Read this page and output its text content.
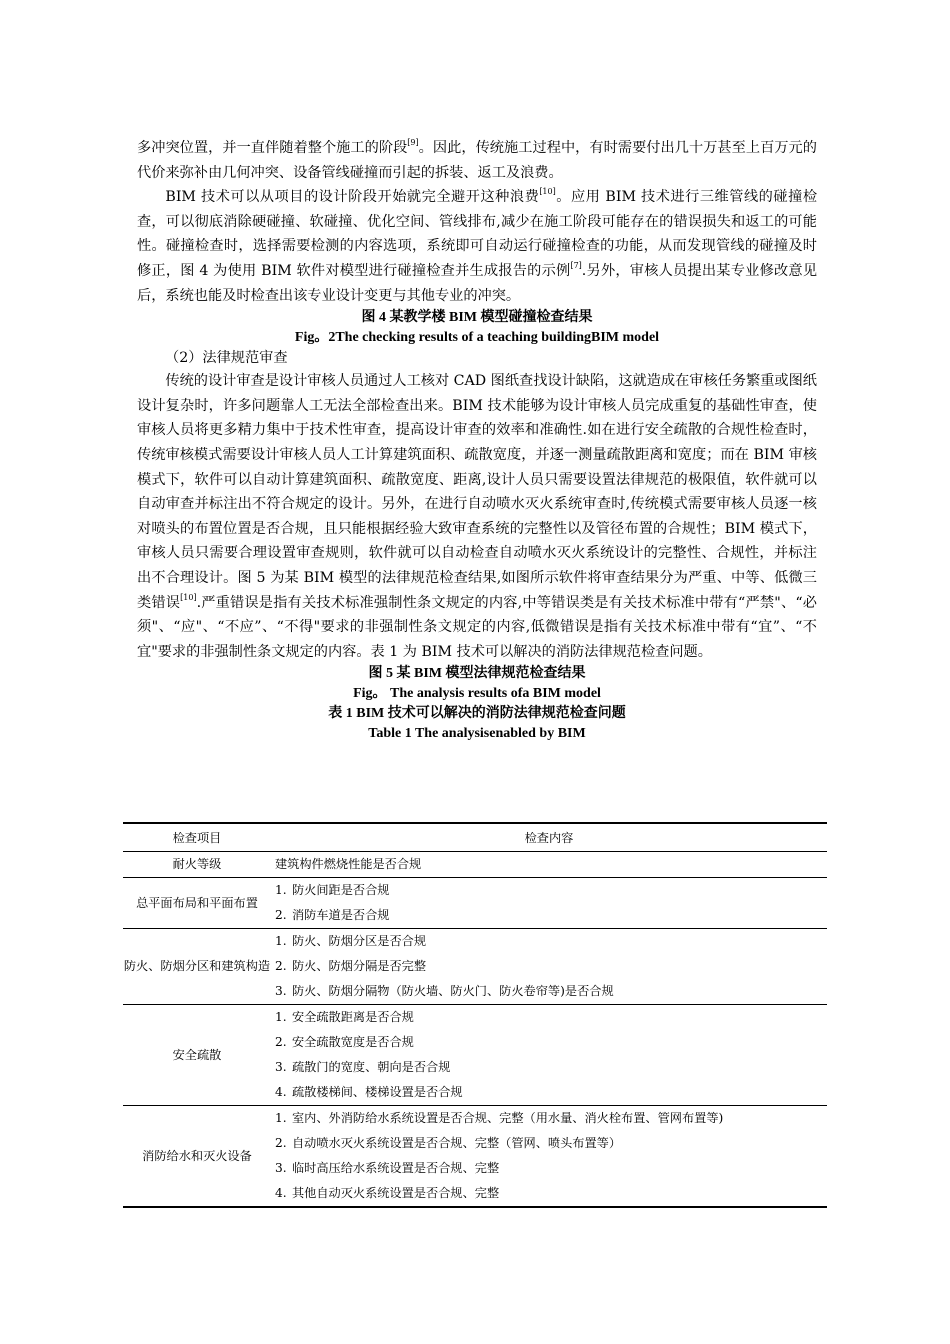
多冲突位置，并一直伴随着整个施工的阶段[9]。因此，传统施工过程中，有时需要付出几十万甚至上百万元的代价来弥补由几何冲突、设备管线碰撞而引起的拆装、返工及浪费。

BIM 技术可以从项目的设计阶段开始就完全避开这种浪费[10]。应用 BIM 技术进行三维管线的碰撞检查，可以彻底消除硬碰撞、软碰撞、优化空间、管线排布,减少在施工阶段可能存在的错误损失和返工的可能性。碰撞检查时，选择需要检测的内容选项，系统即可自动运行碰撞检查的功能，从而发现管线的碰撞及时修正，图 4 为使用 BIM 软件对模型进行碰撞检查并生成报告的示例[7].另外，审核人员提出某专业修改意见后，系统也能及时检查出该专业设计变更与其他专业的冲突。

图 4 某教学楼 BIM 模型碰撞检查结果

Fig。2The checking results of a teaching buildingBIM model

（2）法律规范审查

传统的设计审查是设计审核人员通过人工核对 CAD 图纸查找设计缺陷，这就造成在审核任务繁重或图纸设计复杂时，许多问题靠人工无法全部检查出来。BIM 技术能够为设计审核人员完成重复的基础性审查，使审核人员将更多精力集中于技术性审查，提高设计审查的效率和准确性.如在进行安全疏散的合规性检查时，传统审核模式需要设计审核人员人工计算建筑面积、疏散宽度，并逐一测量疏散距离和宽度；而在 BIM 审核模式下，软件可以自动计算建筑面积、疏散宽度、距离,设计人员只需要设置法律规范的极限值，软件就可以自动审查并标注出不符合规定的设计。另外，在进行自动喷水灭火系统审查时,传统模式需要审核人员逐一核对喷头的布置位置是否合规，且只能根据经验大致审查系统的完整性以及管径布置的合规性；BIM 模式下，审核人员只需要合理设置审查规则，软件就可以自动检查自动喷水灭火系统设计的完整性、合规性，并标注出不合理设计。图 5 为某 BIM 模型的法律规范检查结果,如图所示软件将审查结果分为严重、中等、低微三类错误[10].严重错误是指有关技术标准强制性条文规定的内容,中等错误类是有关技术标准中带有“严禁"、“必须"、“应"、“不应”、“不得"要求的非强制性条文规定的内容,低微错误是指有关技术标准中带有“宜”、“不宜"要求的非强制性条文规定的内容。表 1 为 BIM 技术可以解决的消防法律规范检查问题。

图 5 某 BIM 模型法律规范检查结果

Fig。 The analysis results ofa BIM model

表 1 BIM 技术可以解决的消防法律规范检查问题

Table 1 The analysisenabled by BIM

检查项目	检查内容
耐火等级	建筑构件燃烧性能是否合规

总平面布局和平面布置	1. 防火间距是否合规
2. 消防车道是否合规

防火、防烟分区和建筑构造	1. 防火、防烟分区是否合规
2. 防火、防烟分隔是否完整
3. 防火、防烟分隔物（防火墙、防火门、防火卷帘等)是否合规

安全疏散	1. 安全疏散距离是否合规
2. 安全疏散宽度是否合规
3. 疏散门的宽度、朝向是否合规
4. 疏散楼梯间、楼梯设置是否合规

消防给水和灭火设备	1. 室内、外消防给水系统设置是否合规、完整（用水量、消火栓布置、管网布置等)
2. 自动喷水灭火系统设置是否合规、完整（管网、喷头布置等）
3. 临时高压给水系统设置是否合规、完整
4. 其他自动灭火系统设置是否合规、完整
